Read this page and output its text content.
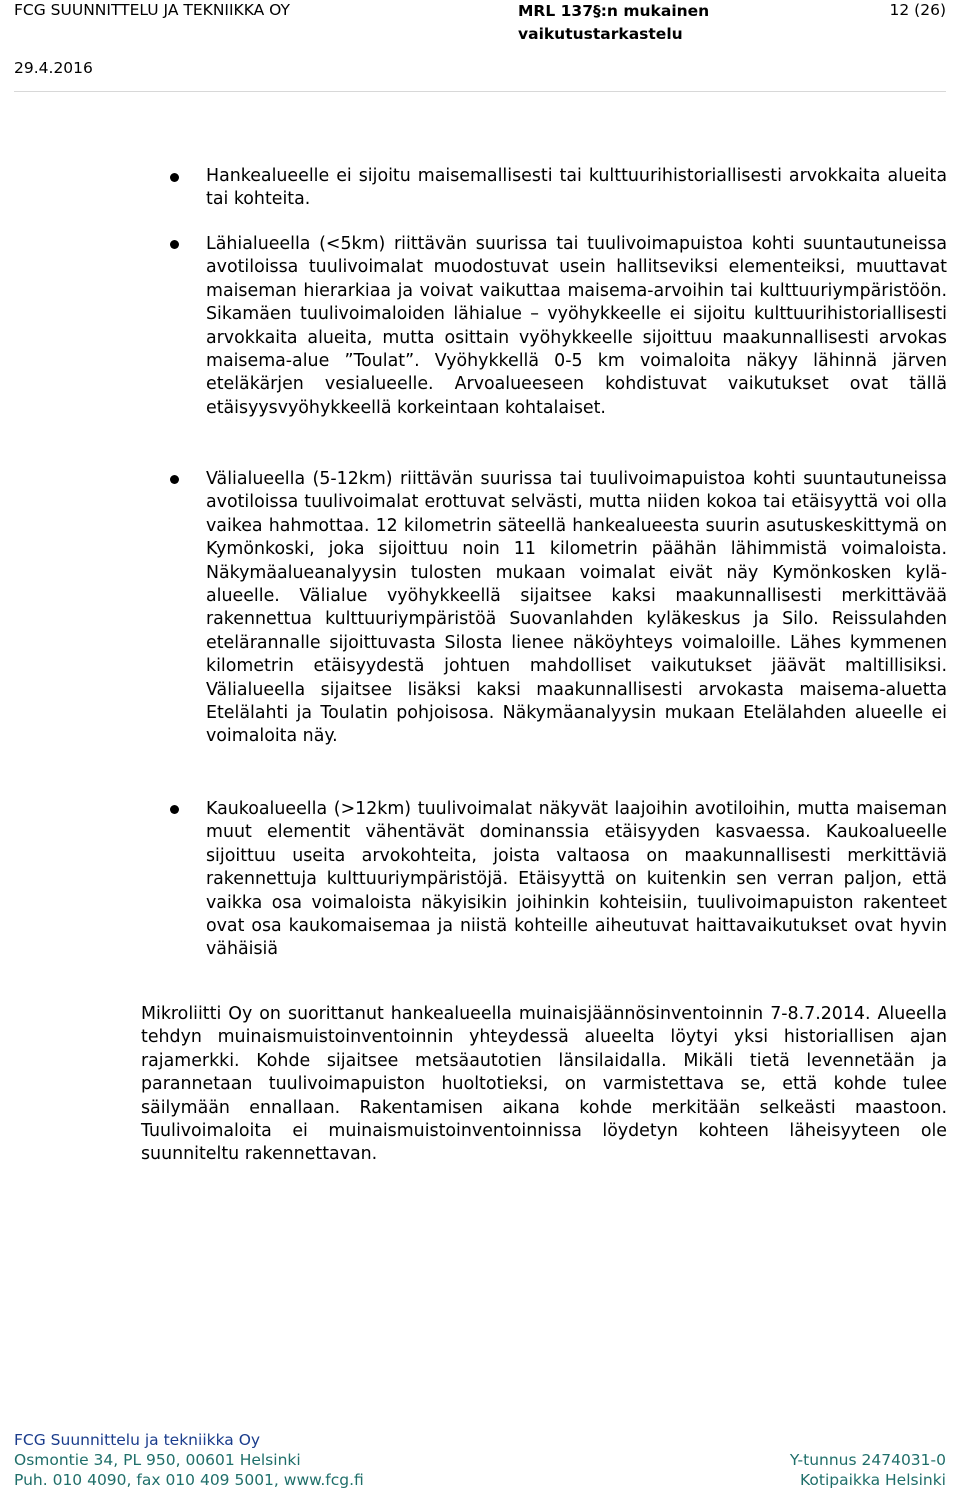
FCG SUUNNITTELU JA TEKNIIKKA OY	MRL 137§:n mukainen
vaikutustarkastelu
12 (26)
29.4.2016

Hankealueelle ei sijoitu maisemallisesti tai kulttuurihistoriallisesti arvokkaita alueita tai kohteita.

Lähialueella (<5km) riittävän suurissa tai tuulivoimapuistoa kohti suuntautuneissa avotiloissa tuulivoimalat muodostuvat usein hallitseviksi elementeiksi, muuttavat maiseman hierarkiaa ja voivat vaikuttaa maisema-arvoihin tai kulttuuriympäristöön. Sikamäen tuulivoimaloiden lähialue – vyöhykkeelle ei sijoitu kulttuurihistoriallisesti arvokkaita alueita, mutta osittain vyöhykkeelle sijoittuu maakunnallisesti arvokas maisema-alue ”Toulat”. Vyöhykkellä 0-5 km voimaloita näkyy lähinnä järven eteläkärjen vesialueelle. Arvoalueeseen kohdistuvat vaikutukset ovat tällä etäisyysvyöhykkeellä korkeintaan kohtalaiset.

Välialueella (5-12km) riittävän suurissa tai tuulivoimapuistoa kohti suuntautuneissa avotiloissa tuulivoimalat erottuvat selvästi, mutta niiden kokoa tai etäisyyttä voi olla vaikea hahmottaa. 12 kilometrin säteellä hankealueesta suurin asutuskeskittymä on Kymönkoski, joka sijoittuu noin 11 kilometrin päähän lähimmistä voimaloista. Näkymäalueanalyysin tulosten mukaan voimalat eivät näy Kymönkosken kylä-alueelle. Välialue vyöhykkeellä sijaitsee kaksi maakunnallisesti merkittävää rakennettua kulttuuriympäristöä Suovanlahden kyläkeskus ja Silo. Reissulahden etelärannalle sijoittuvasta Silosta lienee näköyhteys voimaloille. Lähes kymmenen kilometrin etäisyydestä johtuen mahdolliset vaikutukset jäävät maltillisiksi. Välialueella sijaitsee lisäksi kaksi maakunnallisesti arvokasta maisema-aluetta Etelälahti ja Toulatin pohjoisosa. Näkymäanalyysin mukaan Etelälahden alueelle ei voimaloita näy.

Kaukoalueella (>12km) tuulivoimalat näkyvät laajoihin avotiloihin, mutta maiseman muut elementit vähentävät dominanssia etäisyyden kasvaessa. Kaukoalueelle sijoittuu useita arvokohteita, joista valtaosa on maakunnallisesti merkittäviä rakennettuja kulttuuriympäristöjä. Etäisyyttä on kuitenkin sen verran paljon, että vaikka osa voimaloista näkyisikin joihinkin kohteisiin, tuulivoimapuiston rakenteet ovat osa kaukomaisemaa ja niistä kohteille aiheutuvat haittavaikutukset ovat hyvin vähäisiä

Mikroliitti Oy on suorittanut hankealueella muinaisjäännösinventoinnin 7-8.7.2014. Alueella tehdyn muinaismuistoinventoinnin yhteydessä alueelta löytyi yksi historiallisen ajan rajamerkki. Kohde sijaitsee metsäautotien länsilaidalla. Mikäli tietä levennetään ja parannetaan tuulivoimapuiston huoltotieksi, on varmistettava se, että kohde tulee säilymään ennallaan. Rakentamisen aikana kohde merkitään selkeästi maastoon. Tuulivoimaloita ei muinaismuistoinventoinnissa löydetyn kohteen läheisyyteen ole suunniteltu rakennettavan.

FCG Suunnittelu ja tekniikka Oy
Osmontie 34, PL 950, 00601 Helsinki
Puh. 010 4090, fax 010 409 5001, www.fcg.fi
Y-tunnus 2474031-0
Kotipaikka Helsinki
